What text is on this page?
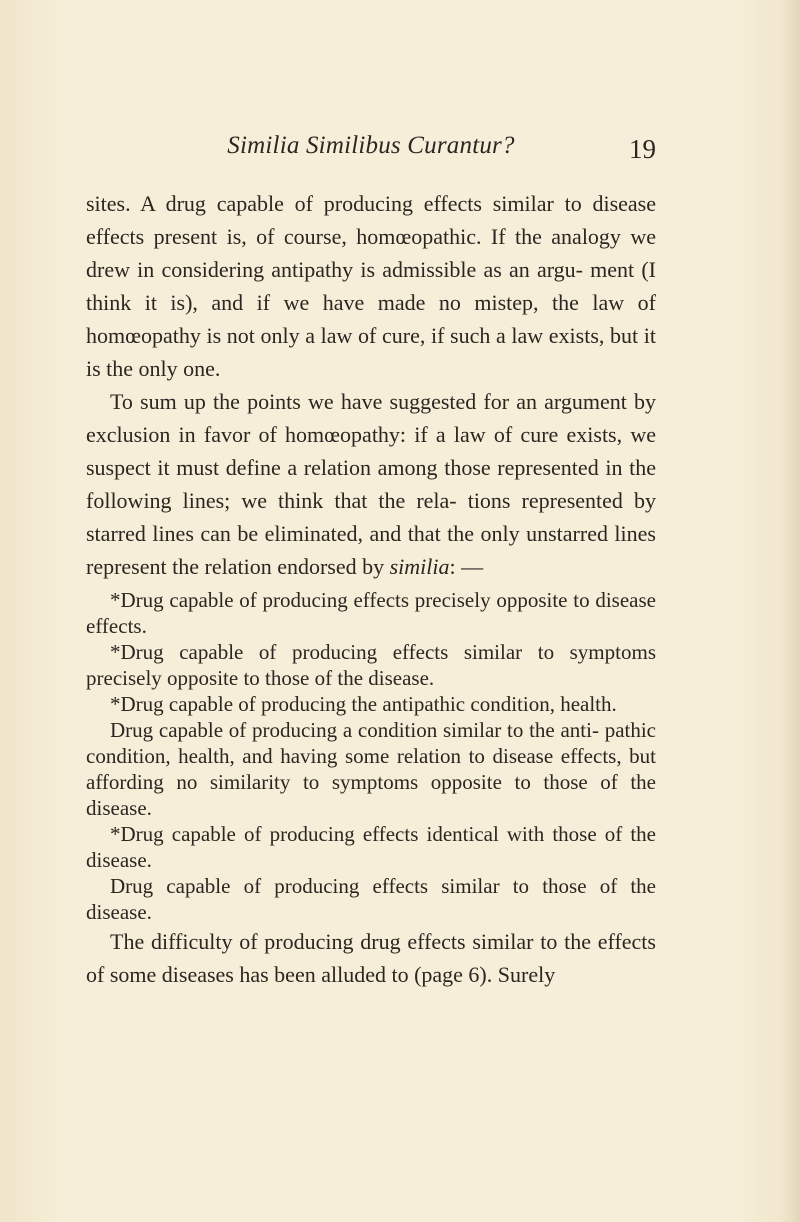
Similia Similibus Curantur?	19

sites. A drug capable of producing effects similar to disease effects present is, of course, homœopathic. If the analogy we drew in considering antipathy is admissible as an argu- ment (I think it is), and if we have made no mistep, the law of homœopathy is not only a law of cure, if such a law exists, but it is the only one.

To sum up the points we have suggested for an argument by exclusion in favor of homœopathy: if a law of cure exists, we suspect it must define a relation among those represented in the following lines; we think that the rela- tions represented by starred lines can be eliminated, and that the only unstarred lines represent the relation endorsed by similia: —

*Drug capable of producing effects precisely opposite to disease effects.

*Drug capable of producing effects similar to symptoms precisely opposite to those of the disease.

*Drug capable of producing the antipathic condition, health.

Drug capable of producing a condition similar to the anti- pathic condition, health, and having some relation to disease effects, but affording no similarity to symptoms opposite to those of the disease.

*Drug capable of producing effects identical with those of the disease.

Drug capable of producing effects similar to those of the disease.

The difficulty of producing drug effects similar to the effects of some diseases has been alluded to (page 6). Surely
